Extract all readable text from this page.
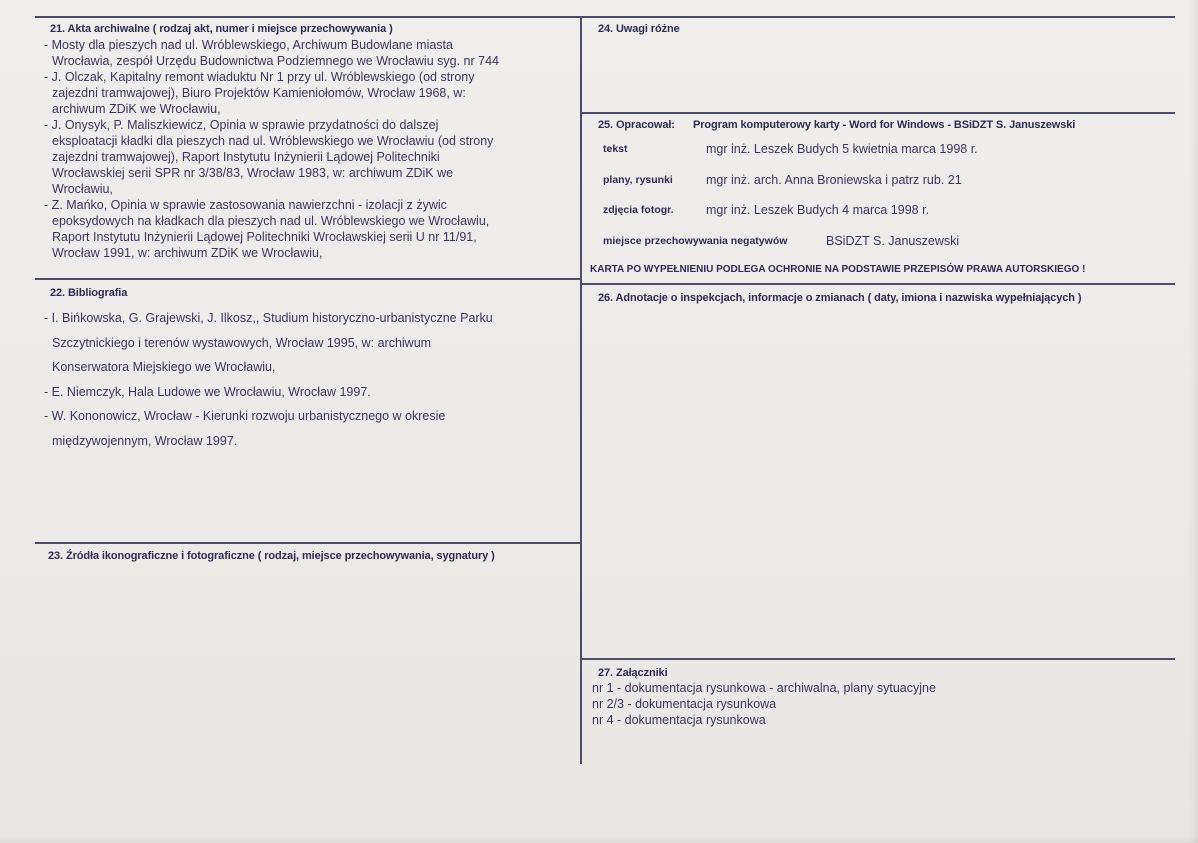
21. Akta archiwalne ( rodzaj akt, numer i miejsce przechowywania )
- Mosty dla pieszych nad ul. Wróblewskiego, Archiwum Budowlane miasta
Wrocławia, zespół Urzędu Budownictwa Podziemnego we Wrocławiu syg. nr 744
- J. Olczak, Kapitalny remont wiaduktu Nr 1 przy ul. Wróblewskiego (od strony
zajezdni tramwajowej), Biuro Projektów Kamieniołomów, Wrocław 1968, w:
archiwum ZDiK we Wrocławiu,
- J. Onysyk, P. Maliszkiewicz, Opinia w sprawie przydatności do dalszej
eksploatacji kładki dla pieszych nad ul. Wróblewskiego we Wrocławiu (od strony
zajezdni tramwajowej), Raport Instytutu Inżynierii Lądowej Politechniki
Wrocławskiej serii SPR nr 3/38/83, Wrocław 1983, w: archiwum ZDiK we
Wrocławiu,
- Z. Mańko, Opinia w sprawie zastosowania nawierzchni - izolacji z żywic
epoksydowych na kładkach dla pieszych nad ul. Wróblewskiego we Wrocławiu,
Raport Instytutu Inżynierii Lądowej Politechniki Wrocławskiej serii U nr 11/91,
Wrocław 1991, w: archiwum ZDiK we Wrocławiu,
22. Bibliografia
- I. Bińkowska, G. Grajewski, J. Ilkosz,, Studium historyczno-urbanistyczne Parku
Szczytnickiego i terenów wystawowych, Wrocław 1995, w: archiwum
Konserwatora Miejskiego we Wrocławiu,
- E. Niemczyk, Hala Ludowe we Wrocławiu, Wrocław 1997.
- W. Kononowicz, Wrocław - Kierunki rozwoju urbanistycznego w okresie
międzywojennym, Wrocław 1997.
23. Źródła ikonograficzne i fotograficzne ( rodzaj, miejsce przechowywania, sygnatury )
24. Uwagi różne
25. Opracował: Program komputerowy karty - Word for Windows - BSiDZT S. Januszewski
tekst	mgr inż. Leszek Budych 5 kwietnia marca 1998 r.
plany, rysunki	mgr inż. arch. Anna Broniewska i patrz rub. 21
zdjęcia fotogr.	mgr inż. Leszek Budych 4 marca 1998 r.
miejsce przechowywania negatywów	BSiDZT S. Januszewski
KARTA PO WYPEŁNIENIU PODLEGA OCHRONIE NA PODSTAWIE PRZEPISÓW PRAWA AUTORSKIEGO !
26. Adnotacje o inspekcjach, informacje o zmianach ( daty, imiona i nazwiska wypełniających )
27. Załączniki
nr 1 - dokumentacja rysunkowa - archiwalna, plany sytuacyjne
nr 2/3 - dokumentacja rysunkowa
nr 4 - dokumentacja rysunkowa
